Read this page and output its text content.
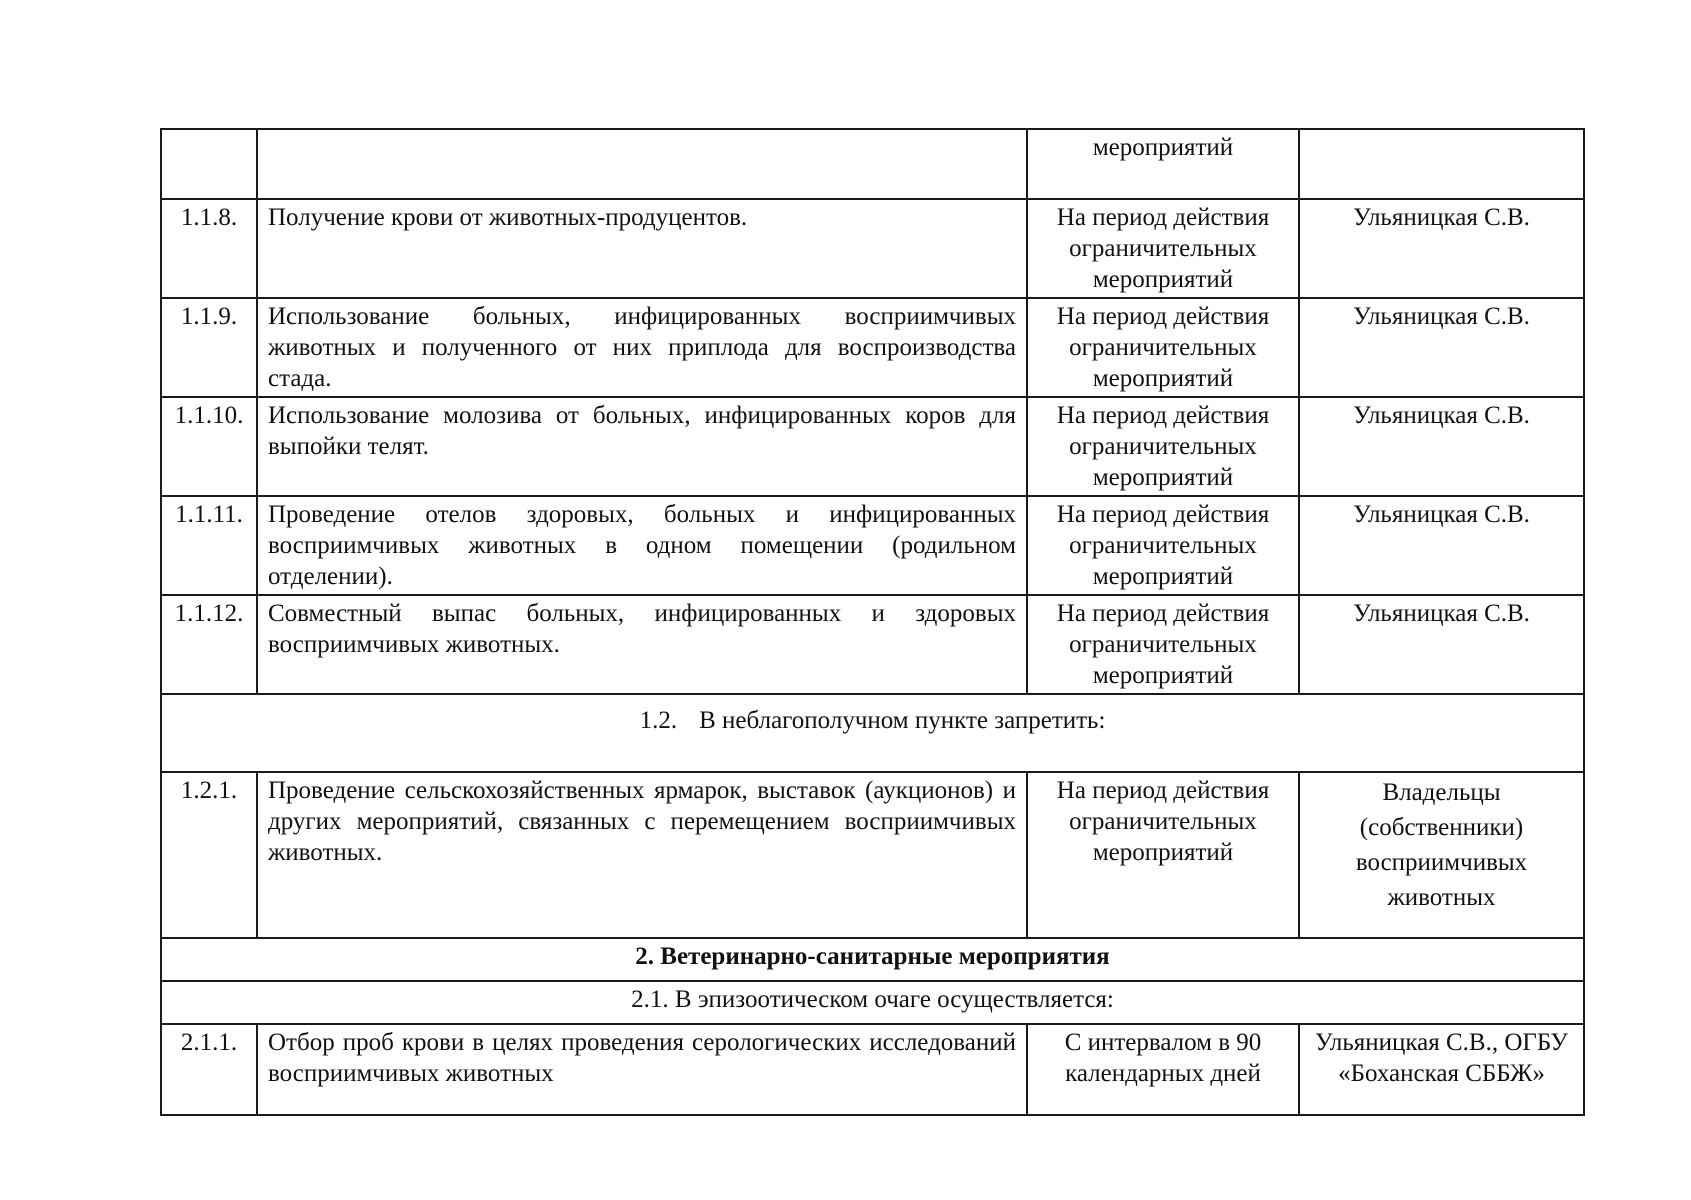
		мероприятий	
1.1.8.	Получение крови от животных-продуцентов.	На период действия ограничительных мероприятий	Ульяницкая С.В.
1.1.9.	Использование больных, инфицированных восприимчивых животных и полученного от них приплода для воспроизводства стада.	На период действия ограничительных мероприятий	Ульяницкая С.В.
1.1.10.	Использование молозива от больных, инфицированных коров для выпойки телят.	На период действия ограничительных мероприятий	Ульяницкая С.В.
1.1.11.	Проведение отелов здоровых, больных и инфицированных восприимчивых животных в одном помещении (родильном отделении).	На период действия ограничительных мероприятий	Ульяницкая С.В.
1.1.12.	Совместный выпас больных, инфицированных и здоровых восприимчивых животных.	На период действия ограничительных мероприятий	Ульяницкая С.В.
1.2. В неблагополучном пункте запретить:			
1.2.1.	Проведение сельскохозяйственных ярмарок, выставок (аукционов) и других мероприятий, связанных с перемещением восприимчивых животных.	На период действия ограничительных мероприятий	Владельцы (собственники) восприимчивых животных
2. Ветеринарно-санитарные мероприятия			
2.1. В эпизоотическом очаге осуществляется:			
2.1.1.	Отбор проб крови в целях проведения серологических исследований восприимчивых животных	С интервалом в 90 календарных дней	Ульяницкая С.В., ОГБУ «Боханская СББЖ»
